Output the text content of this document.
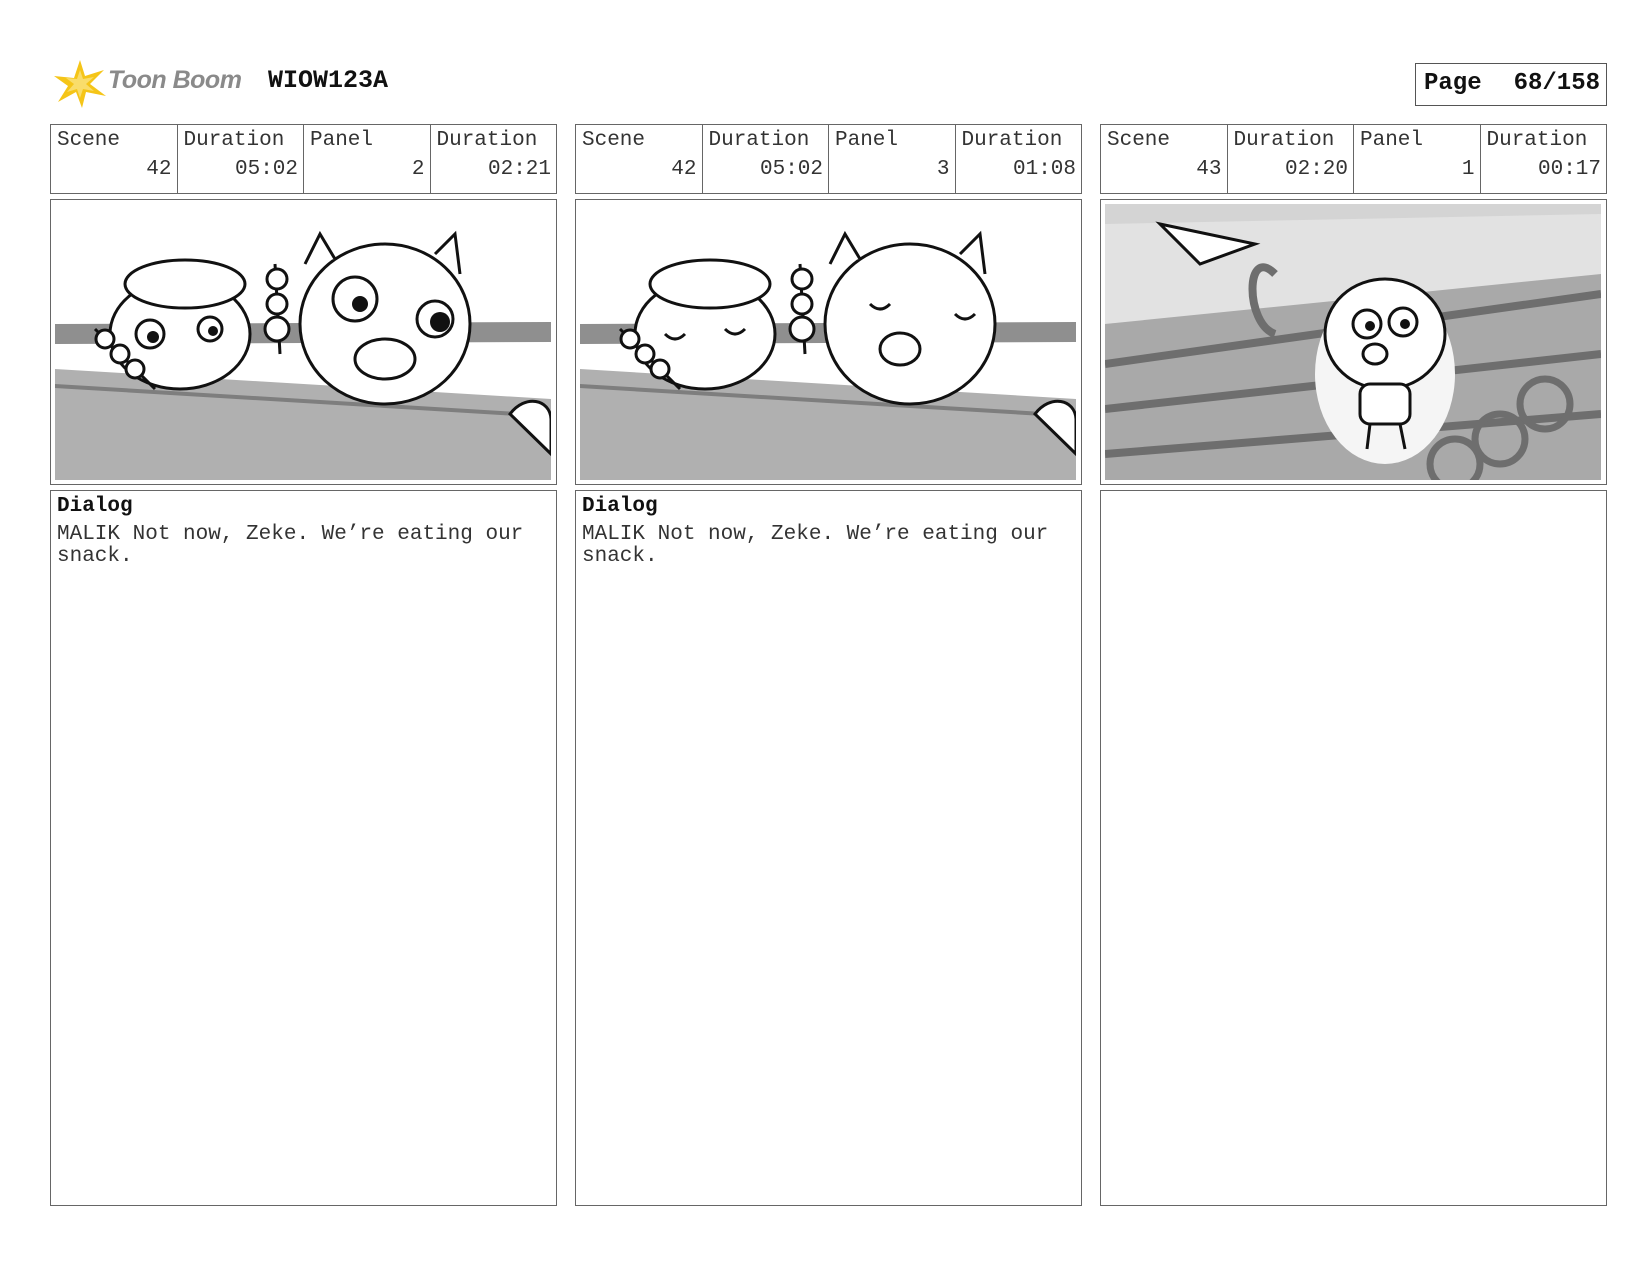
Toon Boom WIOW123A	Page 68/158
Scene
42
Duration
05:02
Panel
2
Duration
02:21
Dialog
MALIK Not now, Zeke. We’re eating our snack.
Scene
42
Duration
05:02
Panel
3
Duration
01:08
Dialog
MALIK Not now, Zeke. We’re eating our snack.
Scene
43
Duration
02:20
Panel
1
Duration
00:17
